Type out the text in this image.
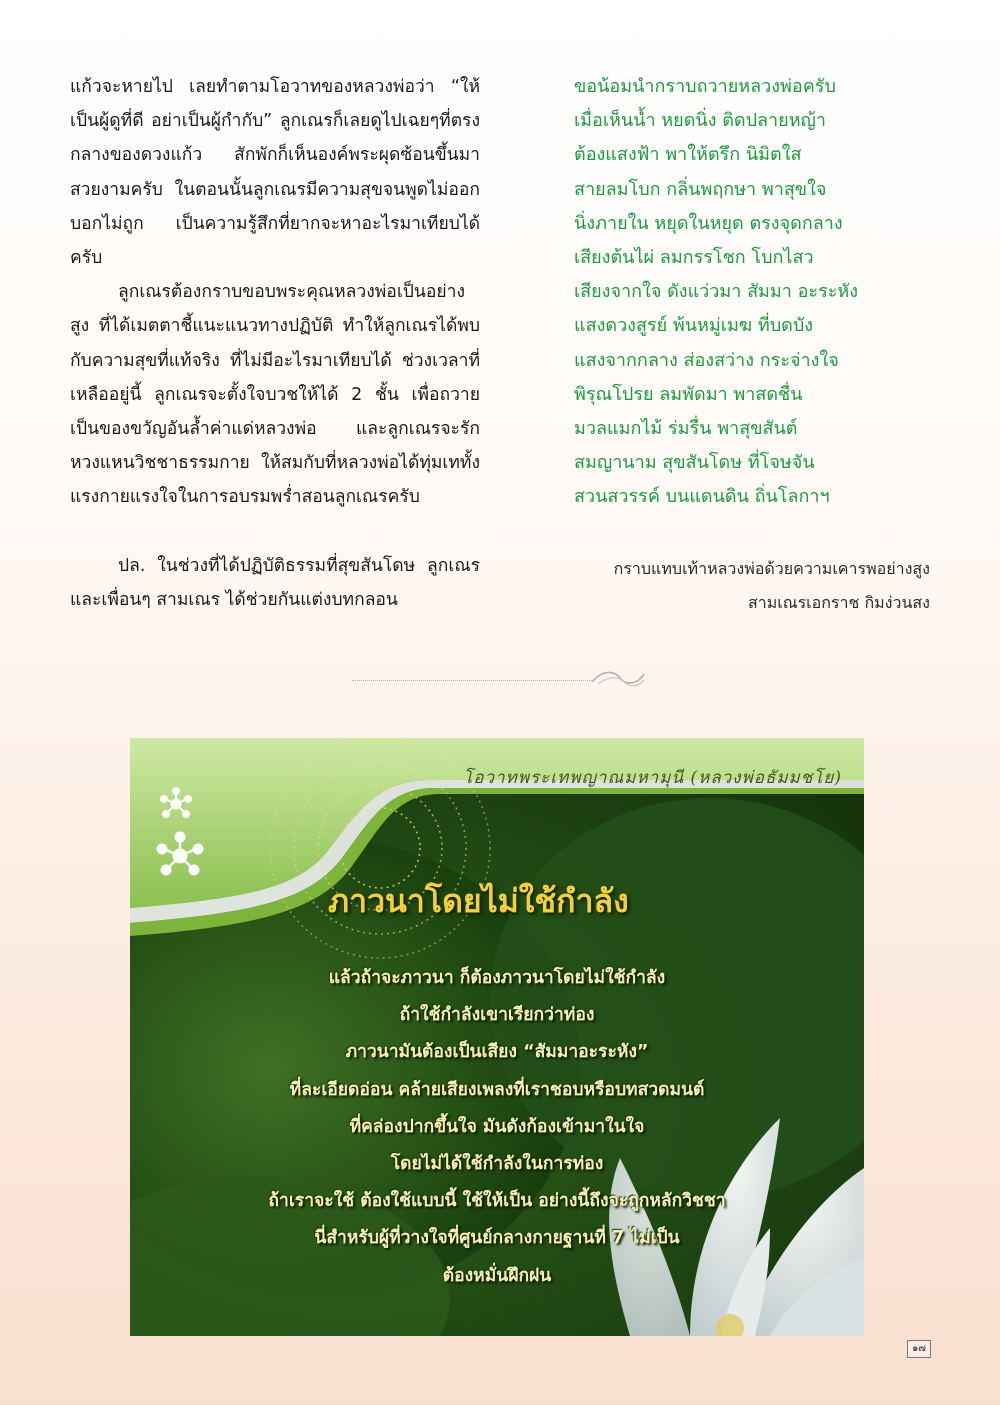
แก้วจะหายไป เลยทำตามโอวาทของหลวงพ่อว่า “ให้เป็นผู้ดูที่ดี อย่าเป็นผู้กำกับ” ลูกเณรก็เลยดูไปเฉยๆที่ตรงกลางของดวงแก้ว สักพักก็เห็นองค์พระผุดซ้อนขึ้นมาสวยงามครับ ในตอนนั้นลูกเณรมีความสุขจนพูดไม่ออกบอกไม่ถูก เป็นความรู้สึกที่ยากจะหาอะไรมาเทียบได้ครับ

ลูกเณรต้องกราบขอบพระคุณหลวงพ่อเป็นอย่างสูง ที่ได้เมตตาชี้แนะแนวทางปฏิบัติ ทำให้ลูกเณรได้พบกับความสุขที่แท้จริง ที่ไม่มีอะไรมาเทียบได้ ช่วงเวลาที่เหลืออยู่นี้ ลูกเณรจะตั้งใจบวชให้ได้ 2 ชั้น เพื่อถวายเป็นของขวัญอันล้ำค่าแด่หลวงพ่อ และลูกเณรจะรักหวงแหนวิชชาธรรมกาย ให้สมกับที่หลวงพ่อได้ทุ่มเททั้งแรงกายแรงใจในการอบรมพร่ำสอนลูกเณรครับ

ปล. ในช่วงที่ได้ปฏิบัติธรรมที่สุขสันโดษ ลูกเณรและเพื่อนๆ สามเณร ได้ช่วยกันแต่งบทกลอน

ขอน้อมนำกราบถวายหลวงพ่อครับ
เมื่อเห็นน้ำ หยดนิ่ง ติดปลายหญ้า
ต้องแสงฟ้า พาให้ตรึก นิมิตใส
สายลมโบก กลิ่นพฤกษา พาสุขใจ
นิ่งภายใน หยุดในหยุด ตรงจุดกลาง
เสียงต้นไผ่ ลมกรรโชก โบกไสว
เสียงจากใจ ดังแว่วมา สัมมา อะระหัง
แสงดวงสูรย์ พ้นหมู่เมฆ ที่บดบัง
แสงจากกลาง ส่องสว่าง กระจ่างใจ
พิรุณโปรย ลมพัดมา พาสดชื่น
มวลแมกไม้ ร่มรื่น พาสุขสันต์
สมญานาม สุขสันโดษ ที่โจษจัน
สวนสวรรค์ บนแดนดิน ถิ่นโลกาฯ
กราบแทบเท้าหลวงพ่อด้วยความเคารพอย่างสูง
สามเณรเอกราช กิมง่วนสง
โอวาทพระเทพญาณมหามุนี (หลวงพ่อธัมมชโย)
ภาวนาโดยไม่ใช้กำลัง
แล้วถ้าจะภาวนา ก็ต้องภาวนาโดยไม่ใช้กำลัง
ถ้าใช้กำลังเขาเรียกว่าท่อง
ภาวนามันต้องเป็นเสียง “สัมมาอะระหัง”
ที่ละเอียดอ่อน คล้ายเสียงเพลงที่เราชอบหรือบทสวดมนต์
ที่คล่องปากขึ้นใจ มันดังก้องเข้ามาในใจ
โดยไม่ได้ใช้กำลังในการท่อง
ถ้าเราจะใช้ ต้องใช้แบบนี้ ใช้ให้เป็น อย่างนี้ถึงจะถูกหลักวิชชา
นี่สำหรับผู้ที่วางใจที่ศูนย์กลางกายฐานที่ 7 ไม่เป็น
ต้องหมั่นฝึกฝน
๑๗
